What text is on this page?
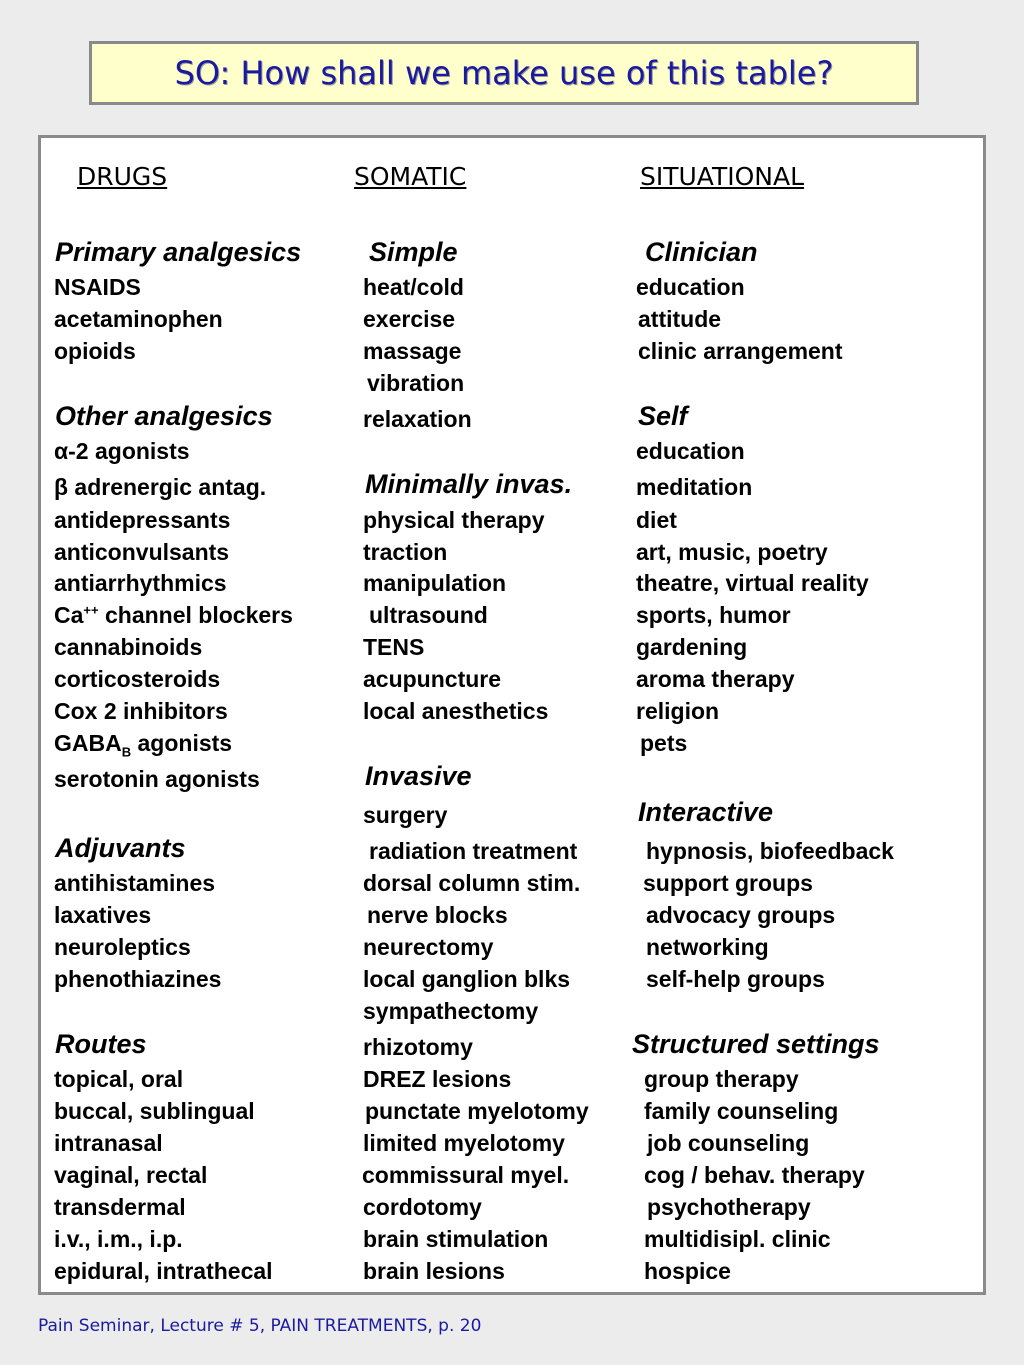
SO: How shall we make use of this table?
DRUGS	SOMATIC	SITUATIONAL
Primary analgesics
NSAIDS
acetaminophen
opioids
Other analgesics
α-2 agonists
β adrenergic antag.
antidepressants
anticonvulsants
antiarrhythmics
Ca++ channel blockers
cannabinoids
corticosteroids
Cox 2 inhibitors
$GABA_B$ agonists
serotonin agonists
Adjuvants
antihistamines
laxatives
neuroleptics
phenothiazines
Routes
topical, oral
buccal, sublingual
intranasal
vaginal, rectal
transdermal
i.v., i.m., i.p.
epidural, intrathecal
Simple
heat/cold
exercise
massage
vibration
relaxation
Minimally invas.
physical therapy
traction
manipulation
ultrasound
TENS
acupuncture
local anesthetics
Invasive
surgery
radiation treatment
dorsal column stim.
nerve blocks
neurectomy
local ganglion blks
sympathectomy
rhizotomy
DREZ lesions
punctate myelotomy
limited myelotomy
commissural myel.
cordotomy
brain stimulation
brain lesions
Clinician
education
attitude
clinic arrangement
Self
education
meditation
diet
art, music, poetry
theatre, virtual reality
sports, humor
gardening
aroma therapy
religion
pets
Interactive
hypnosis, biofeedback
support groups
advocacy groups
networking
self-help groups
Structured settings
group therapy
family counseling
job counseling
cog / behav. therapy
psychotherapy
multidisipl. clinic
hospice
Pain Seminar, Lecture # 5, PAIN TREATMENTS, p. 20
